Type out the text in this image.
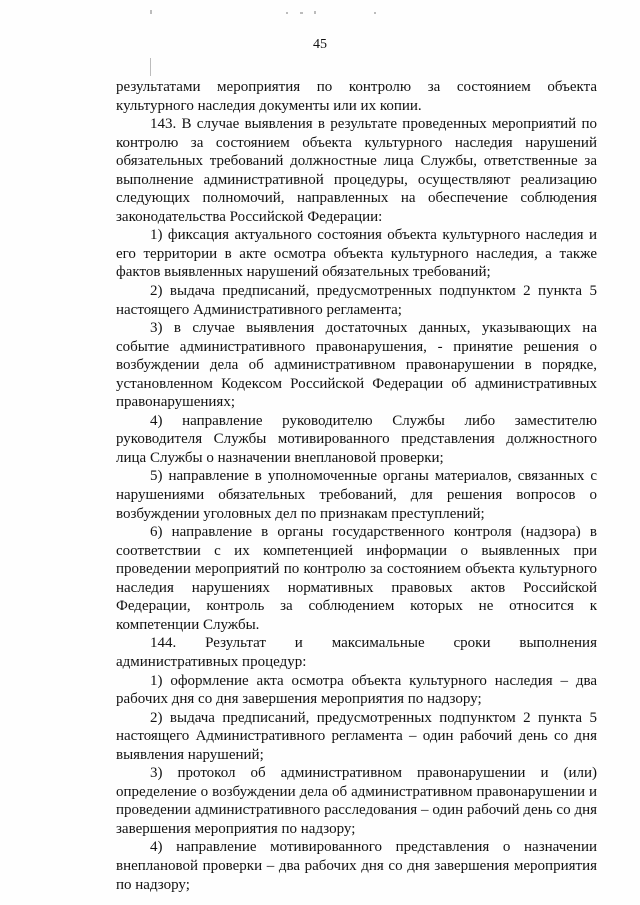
45

результатами мероприятия по контролю за состоянием объекта культурного наследия документы или их копии.

143. В случае выявления в результате проведенных мероприятий по контролю за состоянием объекта культурного наследия нарушений обязательных требований должностные лица Службы, ответственные за выполнение административной процедуры, осуществляют реализацию следующих полномочий, направленных на обеспечение соблюдения законодательства Российской Федерации:

1) фиксация актуального состояния объекта культурного наследия и его территории в акте осмотра объекта культурного наследия, а также фактов выявленных нарушений обязательных требований;

2) выдача предписаний, предусмотренных подпунктом 2 пункта 5 настоящего Административного регламента;

3) в случае выявления достаточных данных, указывающих на событие административного правонарушения, - принятие решения о возбуждении дела об административном правонарушении в порядке, установленном Кодексом Российской Федерации об административных правонарушениях;

4) направление руководителю Службы либо заместителю руководителя Службы мотивированного представления должностного лица Службы о назначении внеплановой проверки;

5) направление в уполномоченные органы материалов, связанных с нарушениями обязательных требований, для решения вопросов о возбуждении уголовных дел по признакам преступлений;

6) направление в органы государственного контроля (надзора) в соответствии с их компетенцией информации о выявленных при проведении мероприятий по контролю за состоянием объекта культурного наследия нарушениях нормативных правовых актов Российской Федерации, контроль за соблюдением которых не относится к компетенции Службы.

144. Результат и максимальные сроки выполнения административных процедур:

1) оформление акта осмотра объекта культурного наследия – два рабочих дня со дня завершения мероприятия по надзору;

2) выдача предписаний, предусмотренных подпунктом 2 пункта 5 настоящего Административного регламента – один рабочий день со дня выявления нарушений;

3) протокол об административном правонарушении и (или) определение о возбуждении дела об административном правонарушении и проведении административного расследования – один рабочий день со дня завершения мероприятия по надзору;

4) направление мотивированного представления о назначении внеплановой проверки – два рабочих дня со дня завершения мероприятия по надзору;
